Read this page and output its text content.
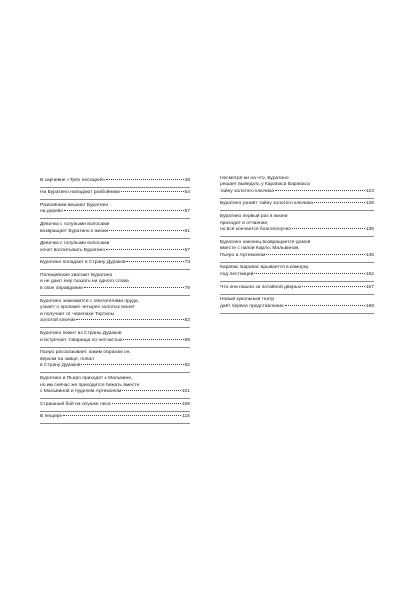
В харчевне «Трёх пескарей»	49
На Буратино нападают разбойники	54
Разбойники вешают Буратино
на дерево	57
Девочка с голубыми волосами
возвращает Буратино к жизни	61
Девочка с голубыми волосами
хочет воспитывать Буратино	67
Буратино попадает в Страну Дураков	73
Полицейские хватают Буратино
и не дают ему сказать ни одного слова
в свое оправдание	79
Буратино знакомится с обитателями пруда,
узнаёт о пропаже четырёх золотых монет
и получает от черепахи Тортилы
золотой ключик	83
Буратино бежит из Страны Дураков
и встречает товарища по несчастью	89
Пьеро рассказывает, каким образом он,
верхом на зайце, попал
в Страну Дураков	92
Буратино и Пьеро приходят к Мальвине,
но им сейчас же приходится бежать вместе
с Мальвиной и пуделем Артемоном	101
Страшный бой на опушке леса	108
В пещере	115
Несмотря ни на что, Буратино
решает выведать у Карабаса Барабаса
тайну золотого ключика	123
Буратино узнаёт тайну золотого ключика	128
Буратино первый раз в жизни
приходит в отчаяние,
но всё кончается благополучно	135
Буратино наконец возвращается домой
вместе с папой Карло, Мальвиной,
Пьеро и Артемоном	145
Карабас Барабас врывается в каморку
под лестницей	152
Что они нашли за потайной дверью	157
Новый кукольный театр
даёт первое представление	168
